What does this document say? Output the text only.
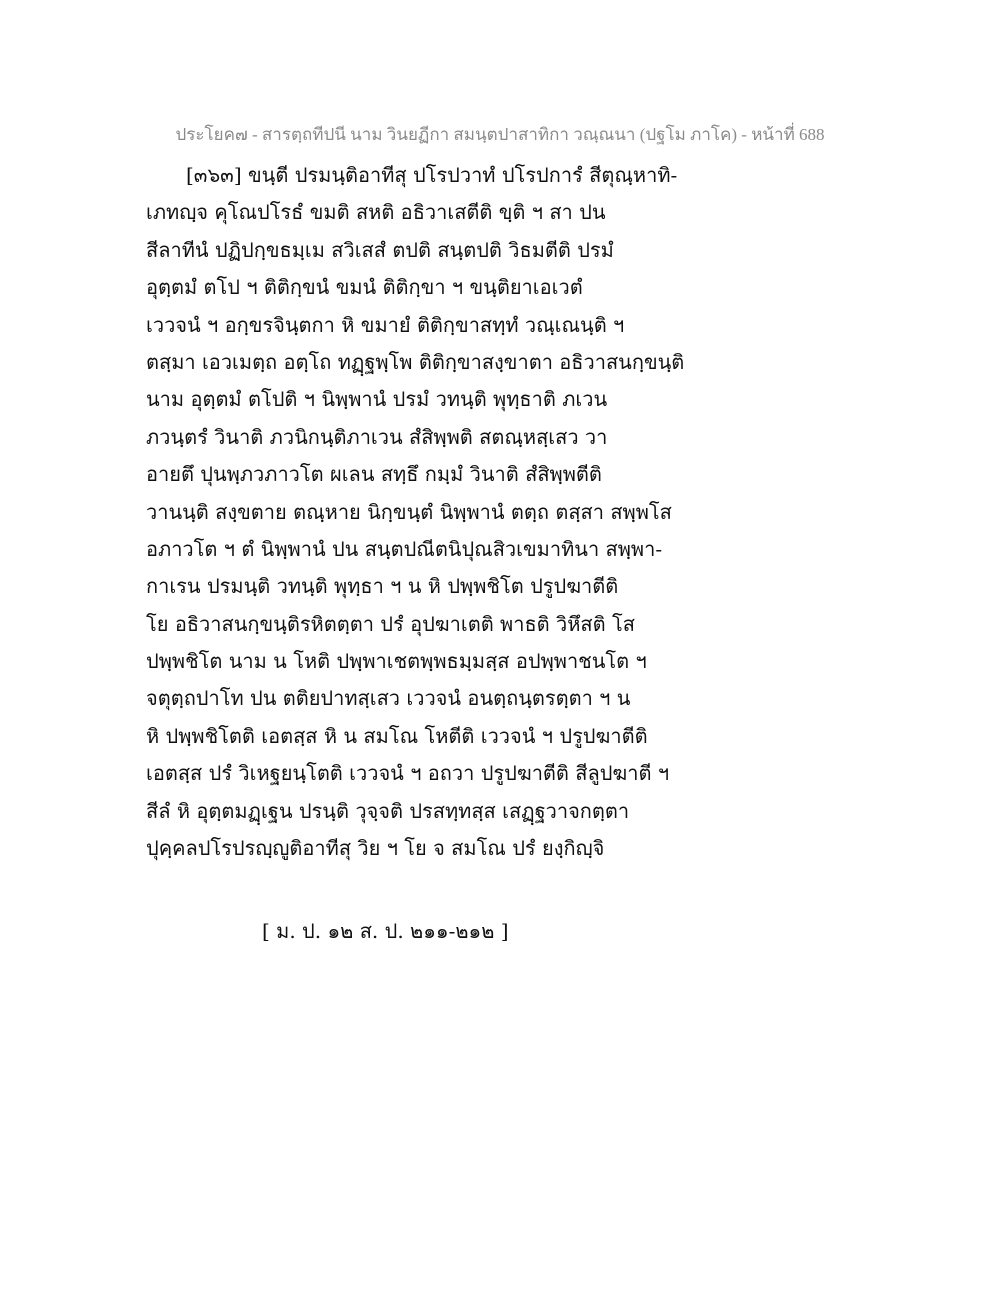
ประโยค๗ - สารตฺถทีปนี นาม วินยฏีกา สมนฺตปาสาทิกา วณฺณนา (ปฐโม ภาโค) - หน้าที่ 688
[๓๖๓] ขนฺตี ปรมนฺติอาทีสุ ปโรปวาทํ ปโรปการํ สีตุณฺหาทิ-
เภทญฺจ คุโณปโรธํ ขมติ สหติ อธิวาเสตีติ ขฺติ ฯ สา ปน
สีลาทีนํ ปฏิปกฺขธมฺเม สวิเสสํ ตปติ สนฺตปติ วิธมตีติ ปรมํ
อุตฺตมํ ตโป ฯ ติติกฺขนํ ขมนํ ติติกฺขา ฯ ขนฺติยาเอเวตํ
เววจนํ ฯ อกฺขรจินฺตกา หิ ขมายํ ติติกฺขาสทฺทํ วณฺเณนฺติ ฯ
ตสฺมา เอวเมตฺถ อตฺโถ ทฏฺฐพฺโพ ติติกฺขาสงฺขาตา อธิวาสนกฺขนฺติ
นาม อุตฺตมํ ตโปติ ฯ นิพฺพานํ ปรมํ วทนฺติ พุทฺธาติ ภเวน
ภวนฺตรํ วินาติ ภวนิกนฺติภาเวน สํสิพฺพติ สตณฺหสฺเสว วา
อายตึ ปุนพฺภวภาวโต ผเลน สทฺธึ กมฺมํ วินาติ สํสิพฺพตีติ
วานนฺติ สงฺขตาย ตณฺหาย นิกฺขนฺตํ นิพฺพานํ ตตฺถ ตสฺสา สพฺพโส
อภาวโต ฯ ตํ นิพฺพานํ ปน สนฺตปณีตนิปุณสิวเขมาทินา สพฺพา-
กาเรน ปรมนฺติ วทนฺติ พุทฺธา ฯ น หิ ปพฺพชิโต ปรูปฆาตีติ
โย อธิวาสนกฺขนฺติรหิตตฺตา ปรํ อุปฆาเตติ พาธติ วิหึสติ โส
ปพฺพชิโต นาม น โหติ ปพฺพาเชตพฺพธมฺมสฺส อปพฺพาชนโต ฯ
จตุตฺถปาโท ปน ตติยปาทสฺเสว เววจนํ อนตฺถนฺตรตฺตา ฯ น
หิ ปพฺพชิโตติ เอตสฺส หิ น สมโณ โหตีติ เววจนํ ฯ ปรูปฆาตีติ
เอตสฺส ปรํ วิเหฐยนฺโตติ เววจนํ ฯ อถวา ปรูปฆาตีติ สีลูปฆาตี ฯ
สีลํ หิ อุตฺตมฏฺเฐน ปรนฺติ วุจฺจติ ปรสทฺทสฺส เสฏฺฐวาจกตฺตา
ปุคฺคลปโรปรญฺญูติอาทีสุ วิย ฯ โย จ สมโณ ปรํ ยงฺกิญฺจิ
[ ม. ป. ๑๒ ส. ป. ๒๑๑-๒๑๒ ]
